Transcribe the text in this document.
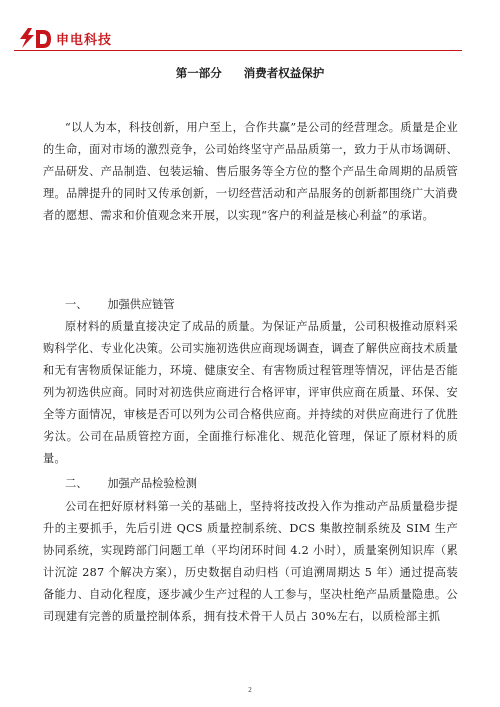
申电科技
第一部分 消费者权益保护

“以人为本，科技创新，用户至上，合作共赢”是公司的经营理念。质量是企业的生命，面对市场的激烈竞争，公司始终坚守产品品质第一，致力于从市场调研、产品研发、产品制造、包装运输、售后服务等全方位的整个产品生命周期的品质管理。品牌提升的同时又传承创新，一切经营活动和产品服务的创新都围绕广大消费者的愿想、需求和价值观念来开展，以实现“客户的利益是核心利益”的承诺。

一、 加强供应链管

原材料的质量直接决定了成品的质量。为保证产品质量，公司积极推动原料采购科学化、专业化决策。公司实施初选供应商现场调查，调查了解供应商技术质量和无有害物质保证能力，环境、健康安全、有害物质过程管理等情况，评估是否能列为初选供应商。同时对初选供应商进行合格评审，评审供应商在质量、环保、安全等方面情况，审核是否可以列为公司合格供应商。并持续的对供应商进行了优胜劣汰。公司在品质管控方面，全面推行标准化、规范化管理，保证了原材料的质量。

二、 加强产品检验检测

公司在把好原材料第一关的基础上，坚持将技改投入作为推动产品质量稳步提升的主要抓手，先后引进 QCS 质量控制系统、DCS 集散控制系统及 SIM 生产协同系统，实现跨部门问题工单（平均闭环时间 4.2 小时），质量案例知识库（累计沉淀 287 个解决方案），历史数据自动归档（可追溯周期达 5 年）通过提高装备能力、自动化程度，逐步减少生产过程的人工参与，坚决杜绝产品质量隐患。公司现建有完善的质量控制体系，拥有技术骨干人员占 30%左右，以质检部主抓

2
